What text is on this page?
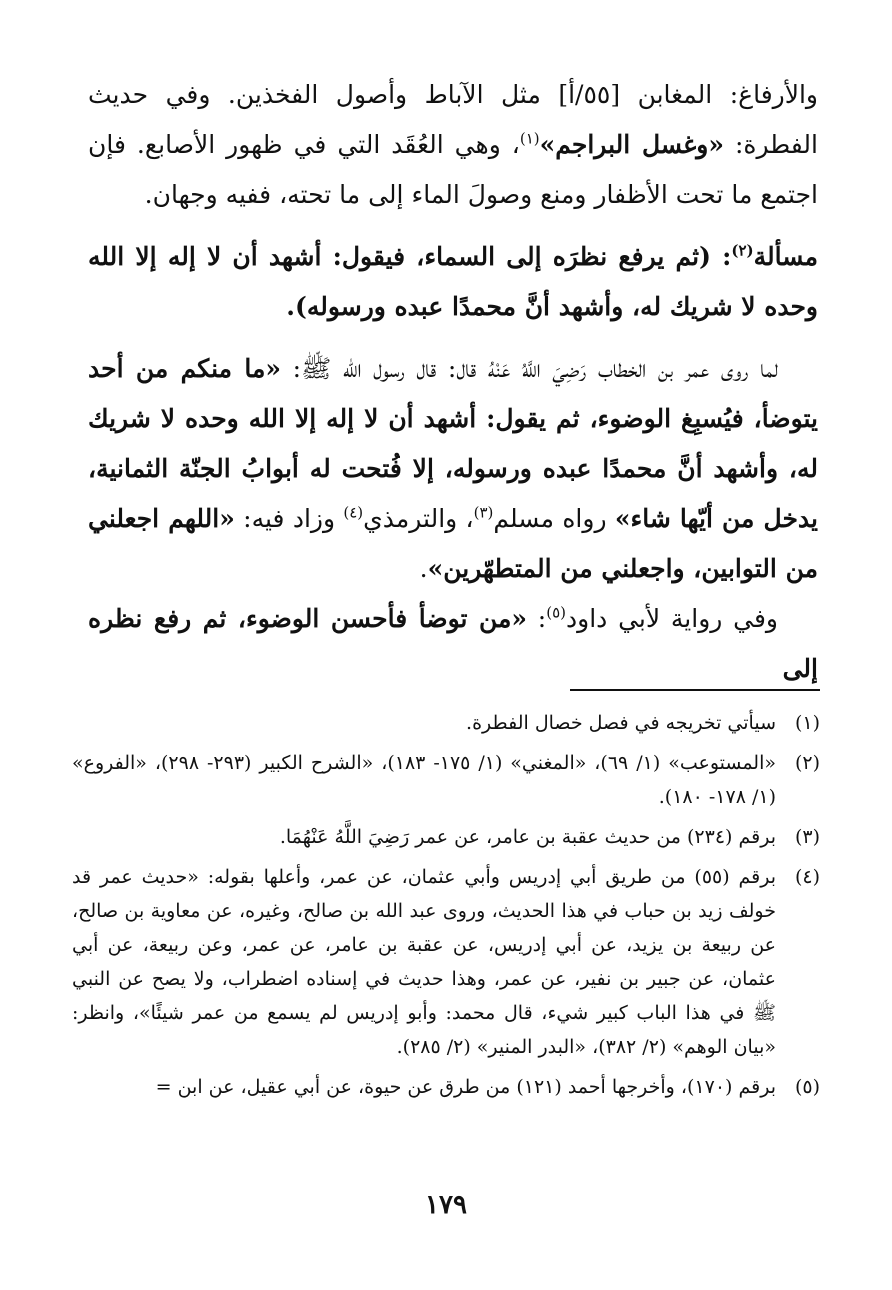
والأرفاغ: المغابن [٥٥/أ] مثل الآباط وأصول الفخذين. وفي حديث الفطرة: «وغسل البراجم»$^{(١)}$، وهي العُقَد التي في ظهور الأصابع. فإن اجتمع ما تحت الأظفار ومنع وصولَ الماء إلى ما تحته، ففيه وجهان.

مسألة$^{(٢)}$: (ثم يرفع نظرَه إلى السماء، فيقول: أشهد أن لا إله إلا الله وحده لا شريك له، وأشهد أنَّ محمدًا عبده ورسوله).

لما روى عمر بن الخطاب رَضِيَ اللَّهُ عَنْهُ قال: قال رسول الله ﷺ: «ما منكم من أحد يتوضأ، فيُسبِغ الوضوء، ثم يقول: أشهد أن لا إله إلا الله وحده لا شريك له، وأشهد أنَّ محمدًا عبده ورسوله، إلا فُتحت له أبوابُ الجنّة الثمانية، يدخل من أيّها شاء» رواه مسلم$^{(٣)}$، والترمذي$^{(٤)}$ وزاد فيه: «اللهم اجعلني من التوابين، واجعلني من المتطهّرين».

وفي رواية لأبي داود$^{(٥)}$: «من توضأ فأحسن الوضوء، ثم رفع نظره إلى

(١)
سيأتي تخريجه في فصل خصال الفطرة.
(٢)
«المستوعب» (١/ ٦٩)، «المغني» (١/ ١٧٥- ١٨٣)، «الشرح الكبير (٢٩٣- ٢٩٨)، «الفروع» (١/ ١٧٨- ١٨٠).
(٣)
برقم (٢٣٤) من حديث عقبة بن عامر، عن عمر رَضِيَ اللَّهُ عَنْهُمَا.
(٤)
برقم (٥٥) من طريق أبي إدريس وأبي عثمان، عن عمر، وأعلها بقوله: «حديث عمر قد خولف زيد بن حباب في هذا الحديث، وروى عبد الله بن صالح، وغيره، عن معاوية بن صالح، عن ربيعة بن يزيد، عن أبي إدريس، عن عقبة بن عامر، عن عمر، وعن ربيعة، عن أبي عثمان، عن جبير بن نفير، عن عمر، وهذا حديث في إسناده اضطراب، ولا يصح عن النبي ﷺ في هذا الباب كبير شيء، قال محمد: وأبو إدريس لم يسمع من عمر شيئًا»، وانظر: «بيان الوهم» (٢/ ٣٨٢)، «البدر المنير» (٢/ ٢٨٥).
(٥)
برقم (١٧٠)، وأخرجها أحمد (١٢١) من طرق عن حيوة، عن أبي عقيل، عن ابن =
١٧٩
